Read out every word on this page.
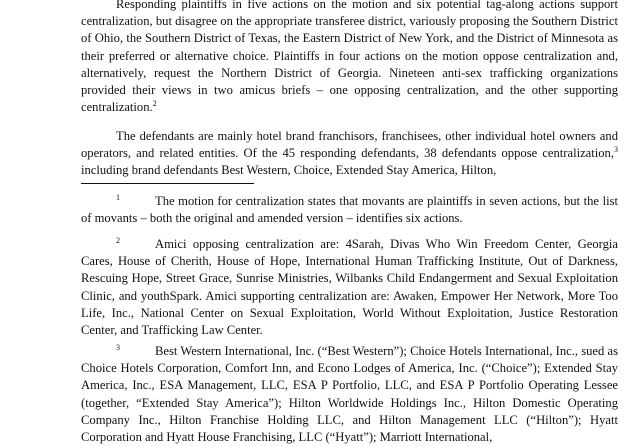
Responding plaintiffs in five actions on the motion and six potential tag-along actions support centralization, but disagree on the appropriate transferee district, variously proposing the Southern District of Ohio, the Southern District of Texas, the Eastern District of New York, and the District of Minnesota as their preferred or alternative choice. Plaintiffs in four actions on the motion oppose centralization and, alternatively, request the Northern District of Georgia. Nineteen anti-sex trafficking organizations provided their views in two amicus briefs – one opposing centralization, and the other supporting centralization.$^2$

The defendants are mainly hotel brand franchisors, franchisees, other individual hotel owners and operators, and related entities. Of the 45 responding defendants, 38 defendants oppose centralization,$^3$ including brand defendants Best Western, Choice, Extended Stay America, Hilton,

1	The motion for centralization states that movants are plaintiffs in seven actions, but the list of movants – both the original and amended version – identifies six actions.

2	Amici opposing centralization are: 4Sarah, Divas Who Win Freedom Center, Georgia Cares, House of Cherith, House of Hope, International Human Trafficking Institute, Out of Darkness, Rescuing Hope, Street Grace, Sunrise Ministries, Wilbanks Child Endangerment and Sexual Exploitation Clinic, and youthSpark. Amici supporting centralization are: Awaken, Empower Her Network, More Too Life, Inc., National Center on Sexual Exploitation, World Without Exploitation, Justice Restoration Center, and Trafficking Law Center.

3	Best Western International, Inc. (“Best Western”); Choice Hotels International, Inc., sued as Choice Hotels Corporation, Comfort Inn, and Econo Lodges of America, Inc. (“Choice”); Extended Stay America, Inc., ESA Management, LLC, ESA P Portfolio, LLC, and ESA P Portfolio Operating Lessee (together, “Extended Stay America”); Hilton Worldwide Holdings Inc., Hilton Domestic Operating Company Inc., Hilton Franchise Holding LLC, and Hilton Management LLC (“Hilton”); Hyatt Corporation and Hyatt House Franchising, LLC (“Hyatt”); Marriott International,
